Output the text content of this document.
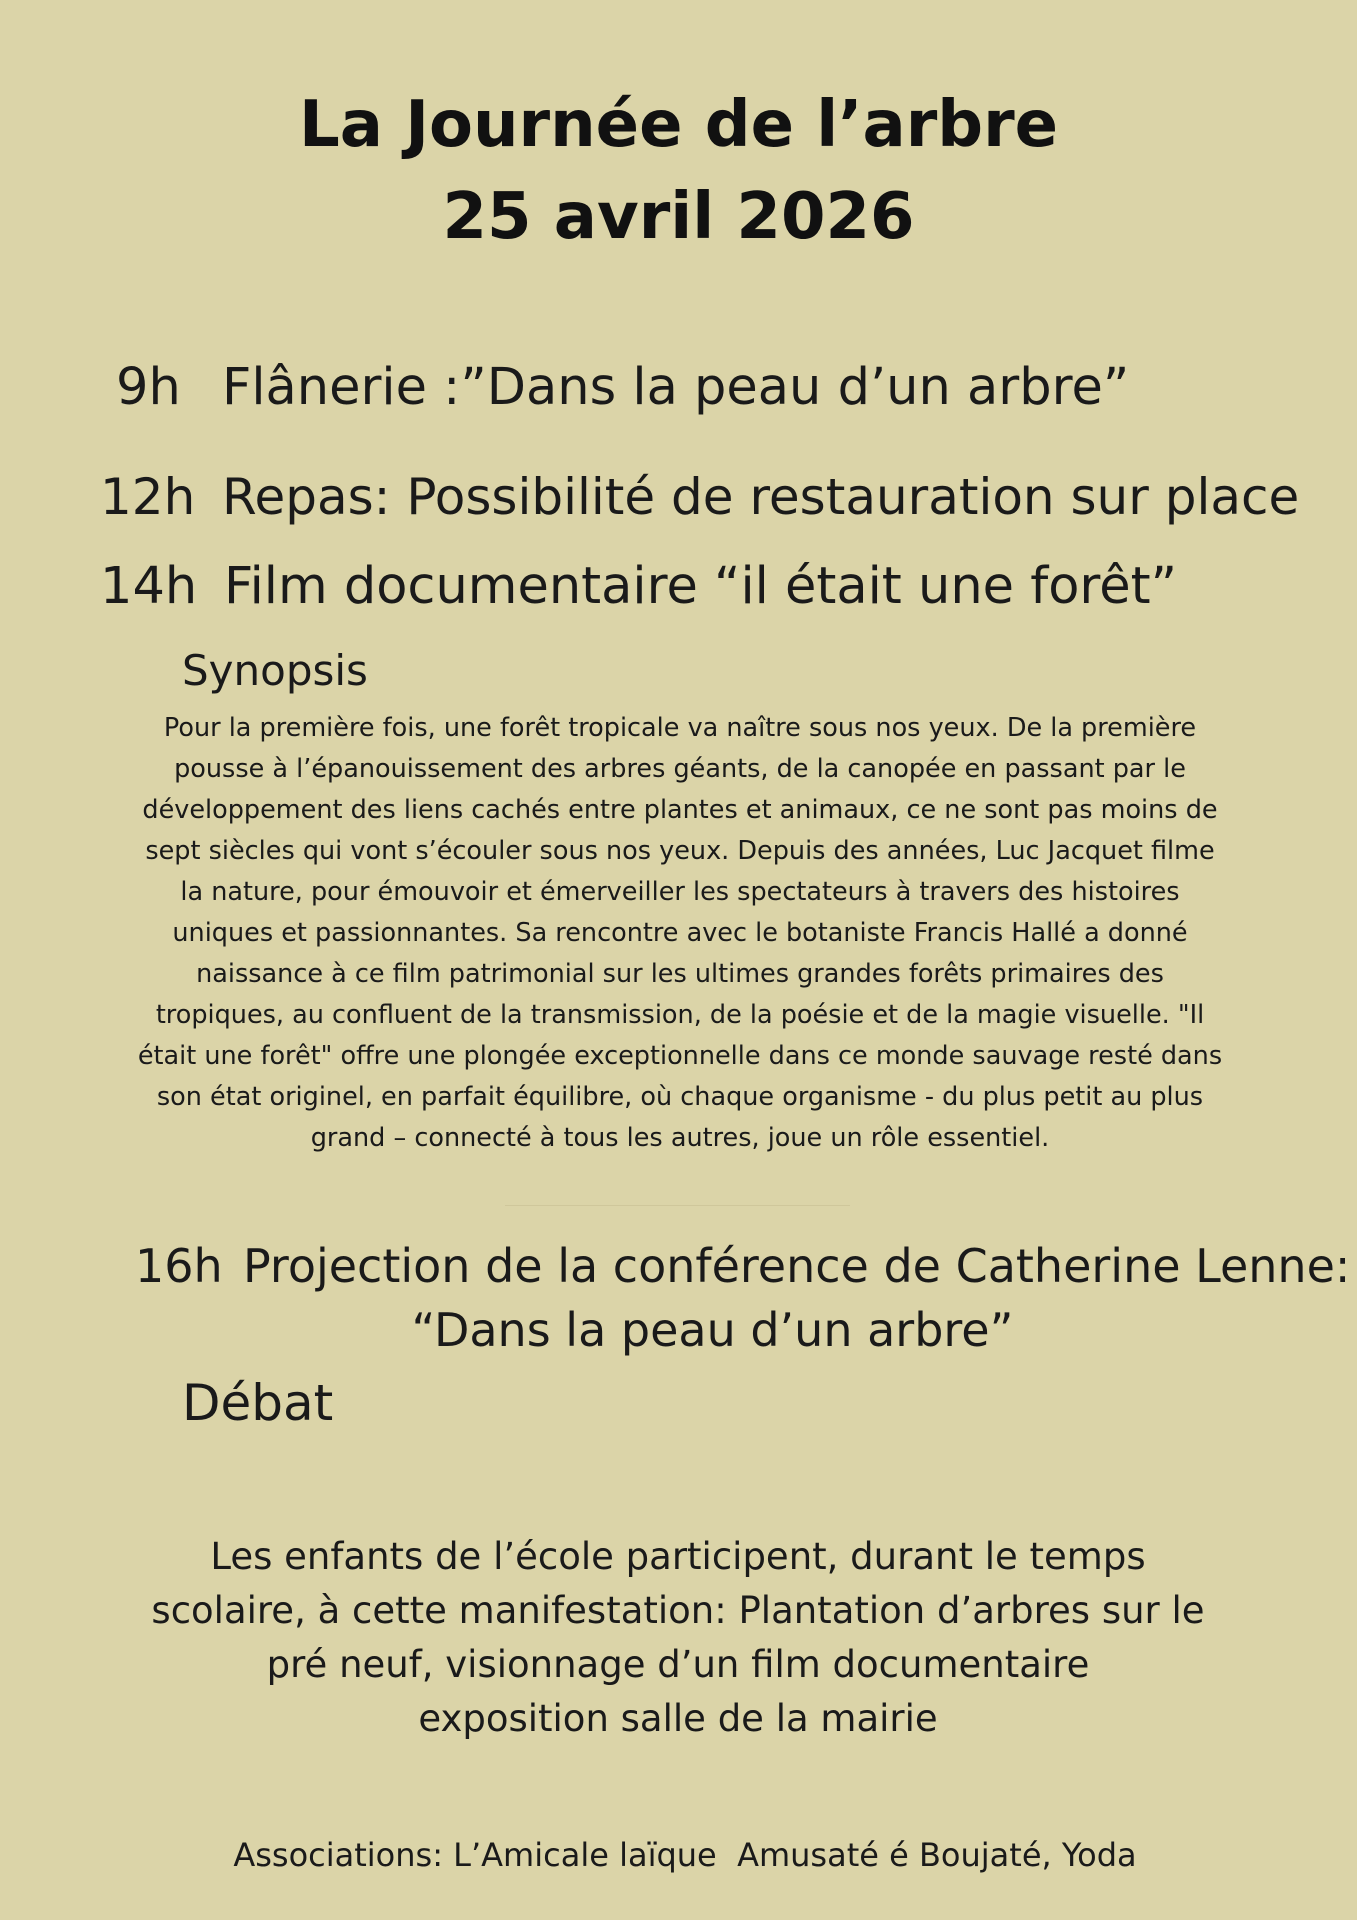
La Journée de l’arbre
25 avril 2026
9h Flânerie :”Dans la peau d’un arbre”
12h Repas: Possibilité de restauration sur place
14h Film documentaire “il était une forêt”
Synopsis

Pour la première fois, une forêt tropicale va naître sous nos yeux. De la première pousse à l’épanouissement des arbres géants, de la canopée en passant par le développement des liens cachés entre plantes et animaux, ce ne sont pas moins de sept siècles qui vont s’écouler sous nos yeux. Depuis des années, Luc Jacquet filme la nature, pour émouvoir et émerveiller les spectateurs à travers des histoires uniques et passionnantes. Sa rencontre avec le botaniste Francis Hallé a donné naissance à ce film patrimonial sur les ultimes grandes forêts primaires des tropiques, au confluent de la transmission, de la poésie et de la magie visuelle. "Il était une forêt" offre une plongée exceptionnelle dans ce monde sauvage resté dans son état originel, en parfait équilibre, où chaque organisme - du plus petit au plus grand – connecté à tous les autres, joue un rôle essentiel.

16h Projection de la conférence de Catherine Lenne:
“Dans la peau d’un arbre”
Débat

Les enfants de l’école participent, durant le temps
scolaire, à cette manifestation: Plantation d’arbres sur le
pré neuf, visionnage d’un film documentaire
exposition salle de la mairie

Associations: L’Amicale laïque  Amusaté é Boujaté, Yoda
